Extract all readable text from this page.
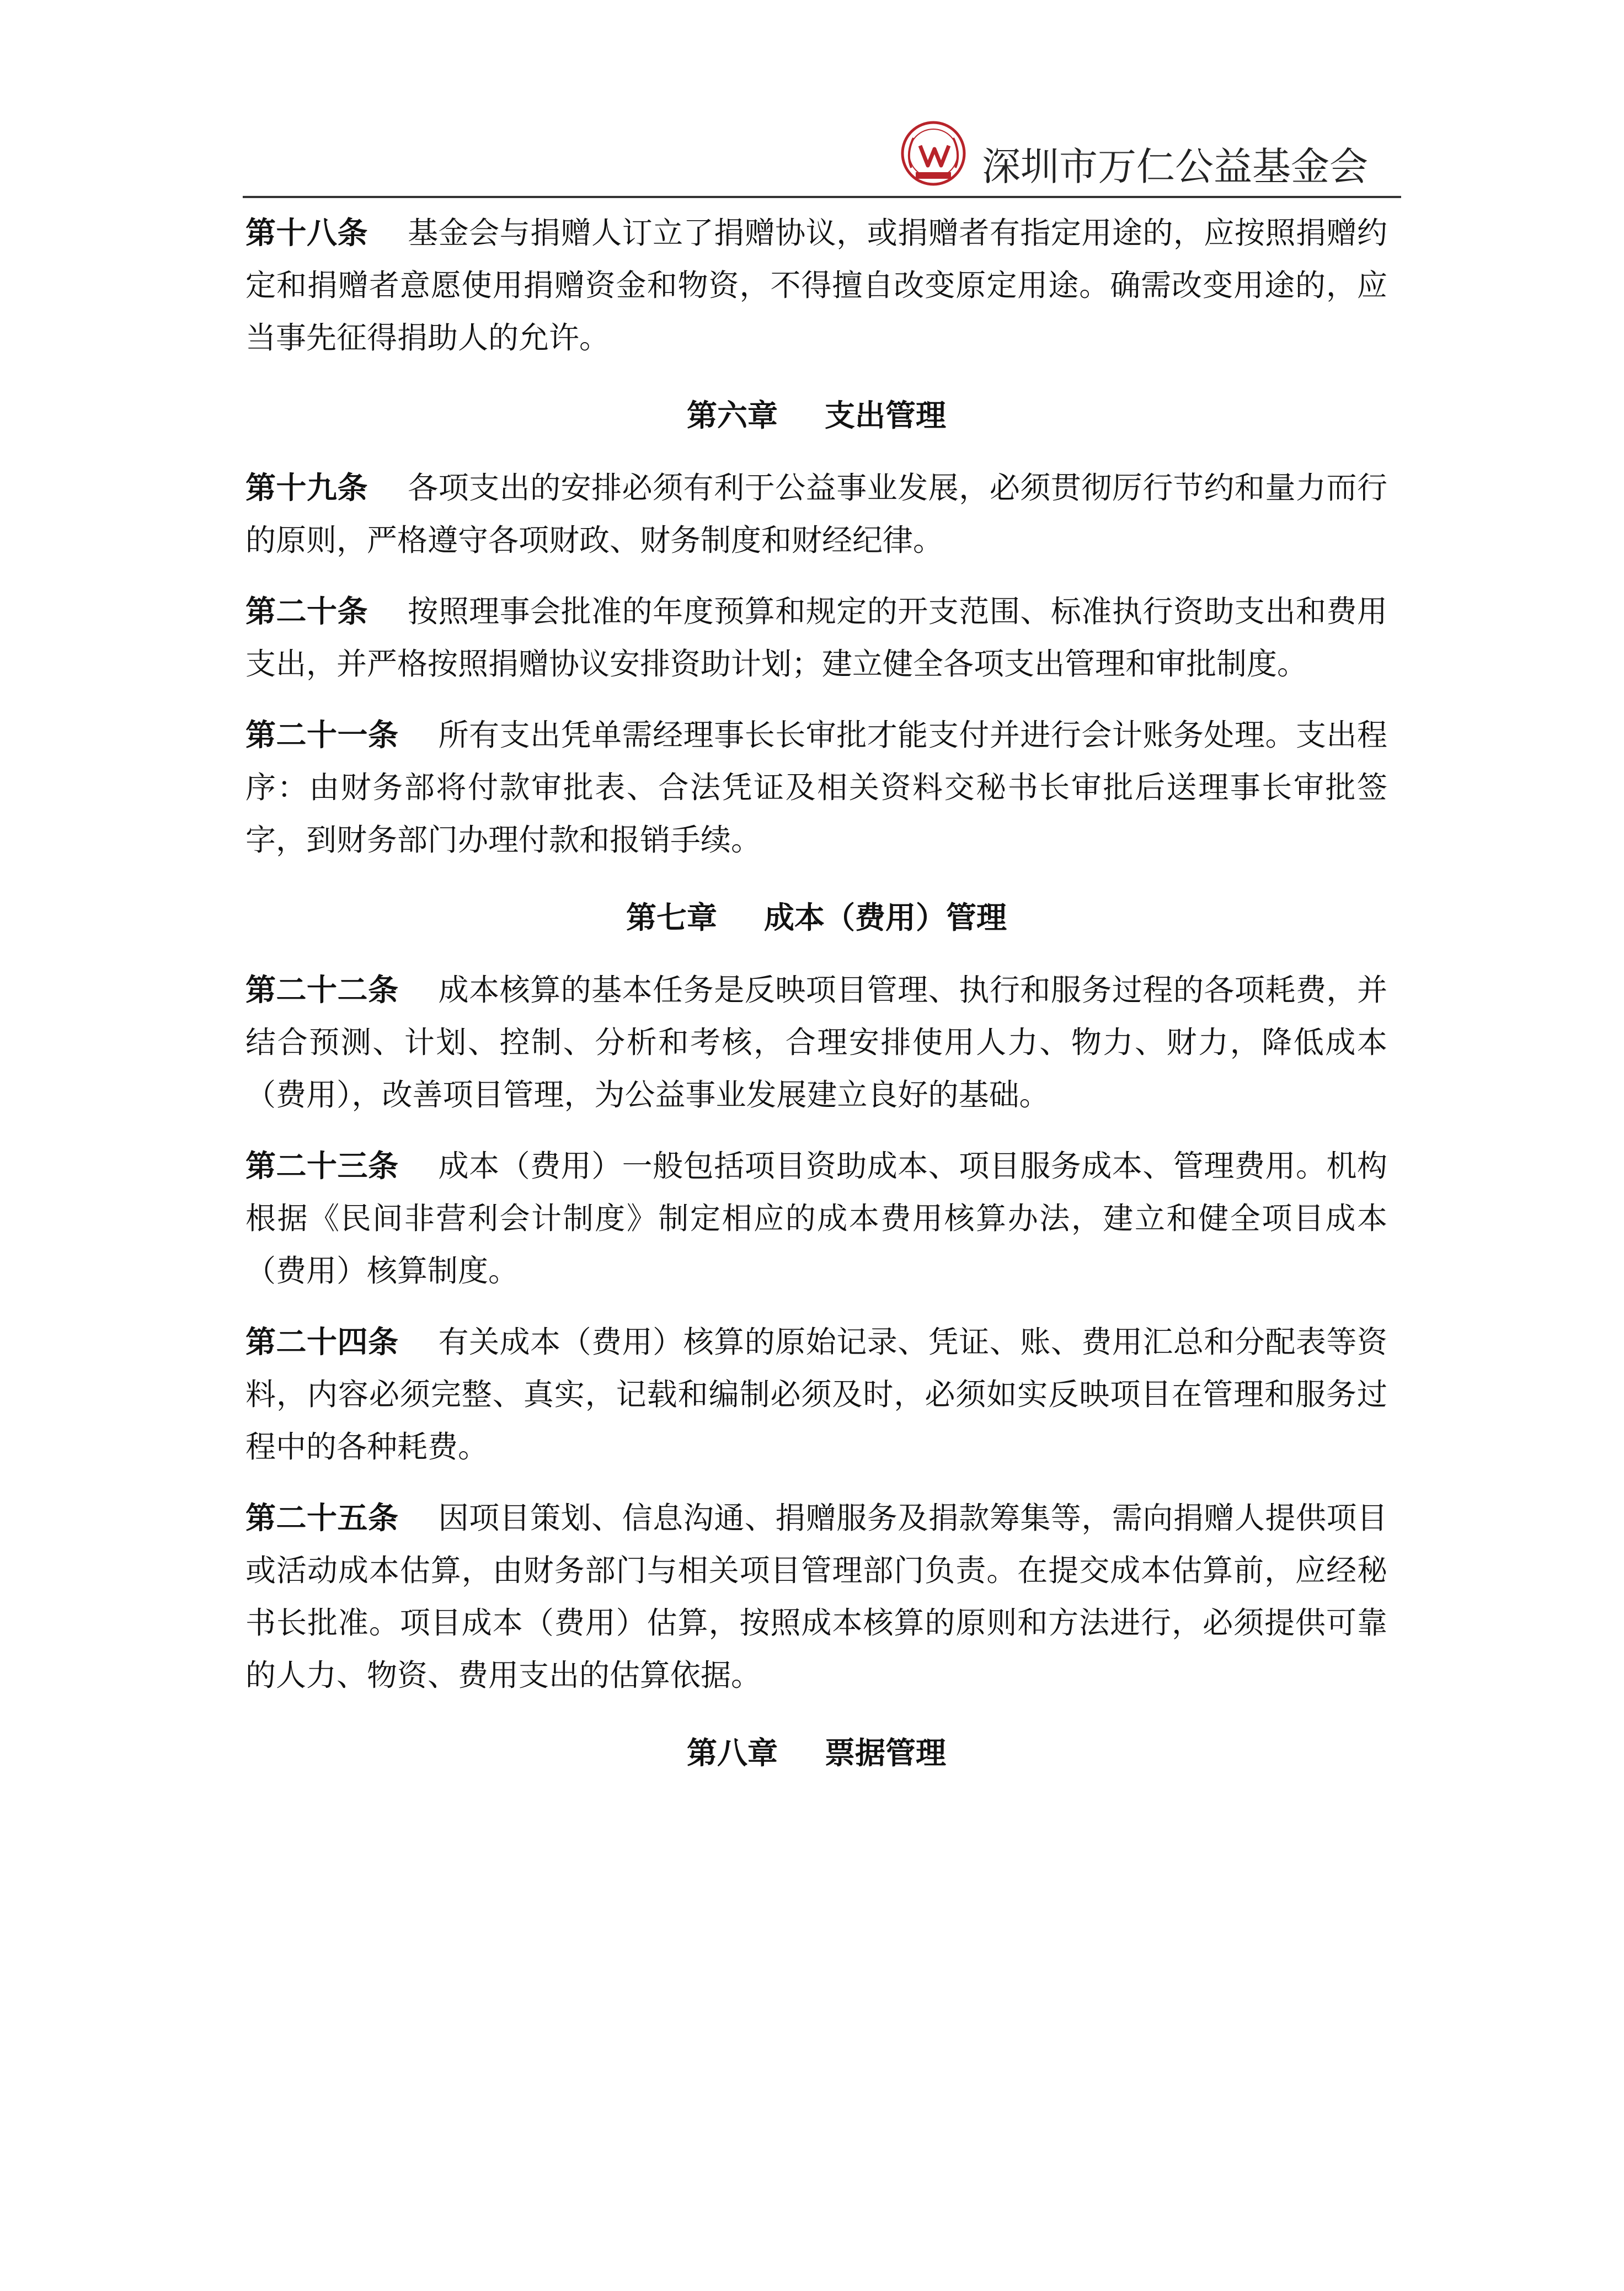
深圳市万仁公益基金会

第十八条 基金会与捐赠人订立了捐赠协议，或捐赠者有指定用途的，应按照捐赠约定和捐赠者意愿使用捐赠资金和物资，不得擅自改变原定用途。确需改变用途的，应当事先征得捐助人的允许。

第六章 支出管理

第十九条 各项支出的安排必须有利于公益事业发展，必须贯彻厉行节约和量力而行的原则，严格遵守各项财政、财务制度和财经纪律。

第二十条 按照理事会批准的年度预算和规定的开支范围、标准执行资助支出和费用支出，并严格按照捐赠协议安排资助计划；建立健全各项支出管理和审批制度。

第二十一条 所有支出凭单需经理事长长审批才能支付并进行会计账务处理。支出程序：由财务部将付款审批表、合法凭证及相关资料交秘书长审批后送理事长审批签字，到财务部门办理付款和报销手续。

第七章 成本（费用）管理

第二十二条 成本核算的基本任务是反映项目管理、执行和服务过程的各项耗费，并结合预测、计划、控制、分析和考核，合理安排使用人力、物力、财力，降低成本（费用），改善项目管理，为公益事业发展建立良好的基础。

第二十三条 成本（费用）一般包括项目资助成本、项目服务成本、管理费用。机构根据《民间非营利会计制度》制定相应的成本费用核算办法，建立和健全项目成本（费用）核算制度。

第二十四条 有关成本（费用）核算的原始记录、凭证、账、费用汇总和分配表等资料，内容必须完整、真实，记载和编制必须及时，必须如实反映项目在管理和服务过程中的各种耗费。

第二十五条 因项目策划、信息沟通、捐赠服务及捐款筹集等，需向捐赠人提供项目或活动成本估算，由财务部门与相关项目管理部门负责。在提交成本估算前，应经秘书长批准。项目成本（费用）估算，按照成本核算的原则和方法进行，必须提供可靠的人力、物资、费用支出的估算依据。

第八章 票据管理
